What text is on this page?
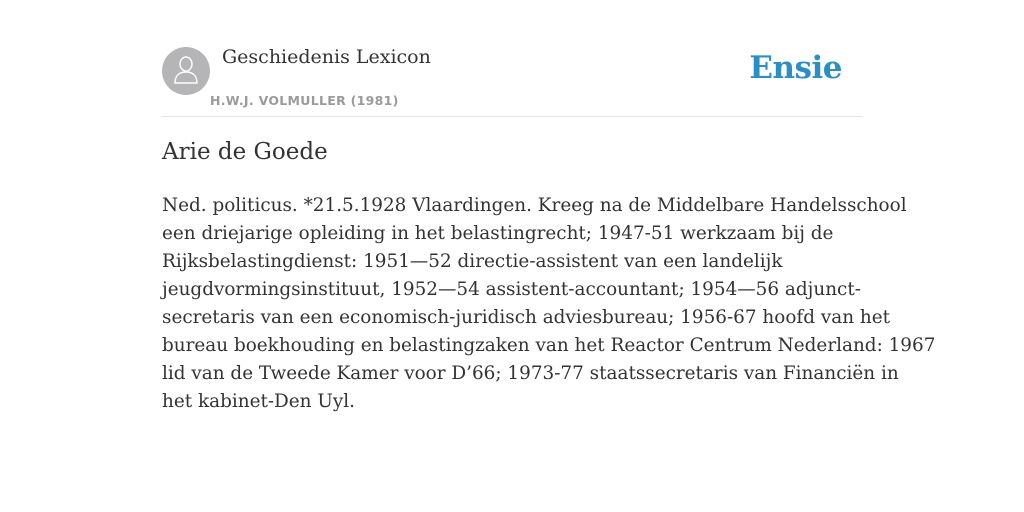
Geschiedenis Lexicon
H.W.J. VOLMULLER (1981)
Ensie
Arie de Goede
Ned. politicus. *21.5.1928 Vlaardingen. Kreeg na de Middelbare Handelsschool
een driejarige opleiding in het belastingrecht; 1947-51 werkzaam bij de
Rijksbelastingdienst: 1951—52 directie-assistent van een landelijk
jeugdvormingsinstituut, 1952—54 assistent-accountant; 1954—56 adjunct-
secretaris van een economisch-juridisch adviesbureau; 1956-67 hoofd van het
bureau boekhouding en belastingzaken van het Reactor Centrum Nederland: 1967
lid van de Tweede Kamer voor D’66; 1973-77 staatssecretaris van Financiën in
het kabinet-Den Uyl.
